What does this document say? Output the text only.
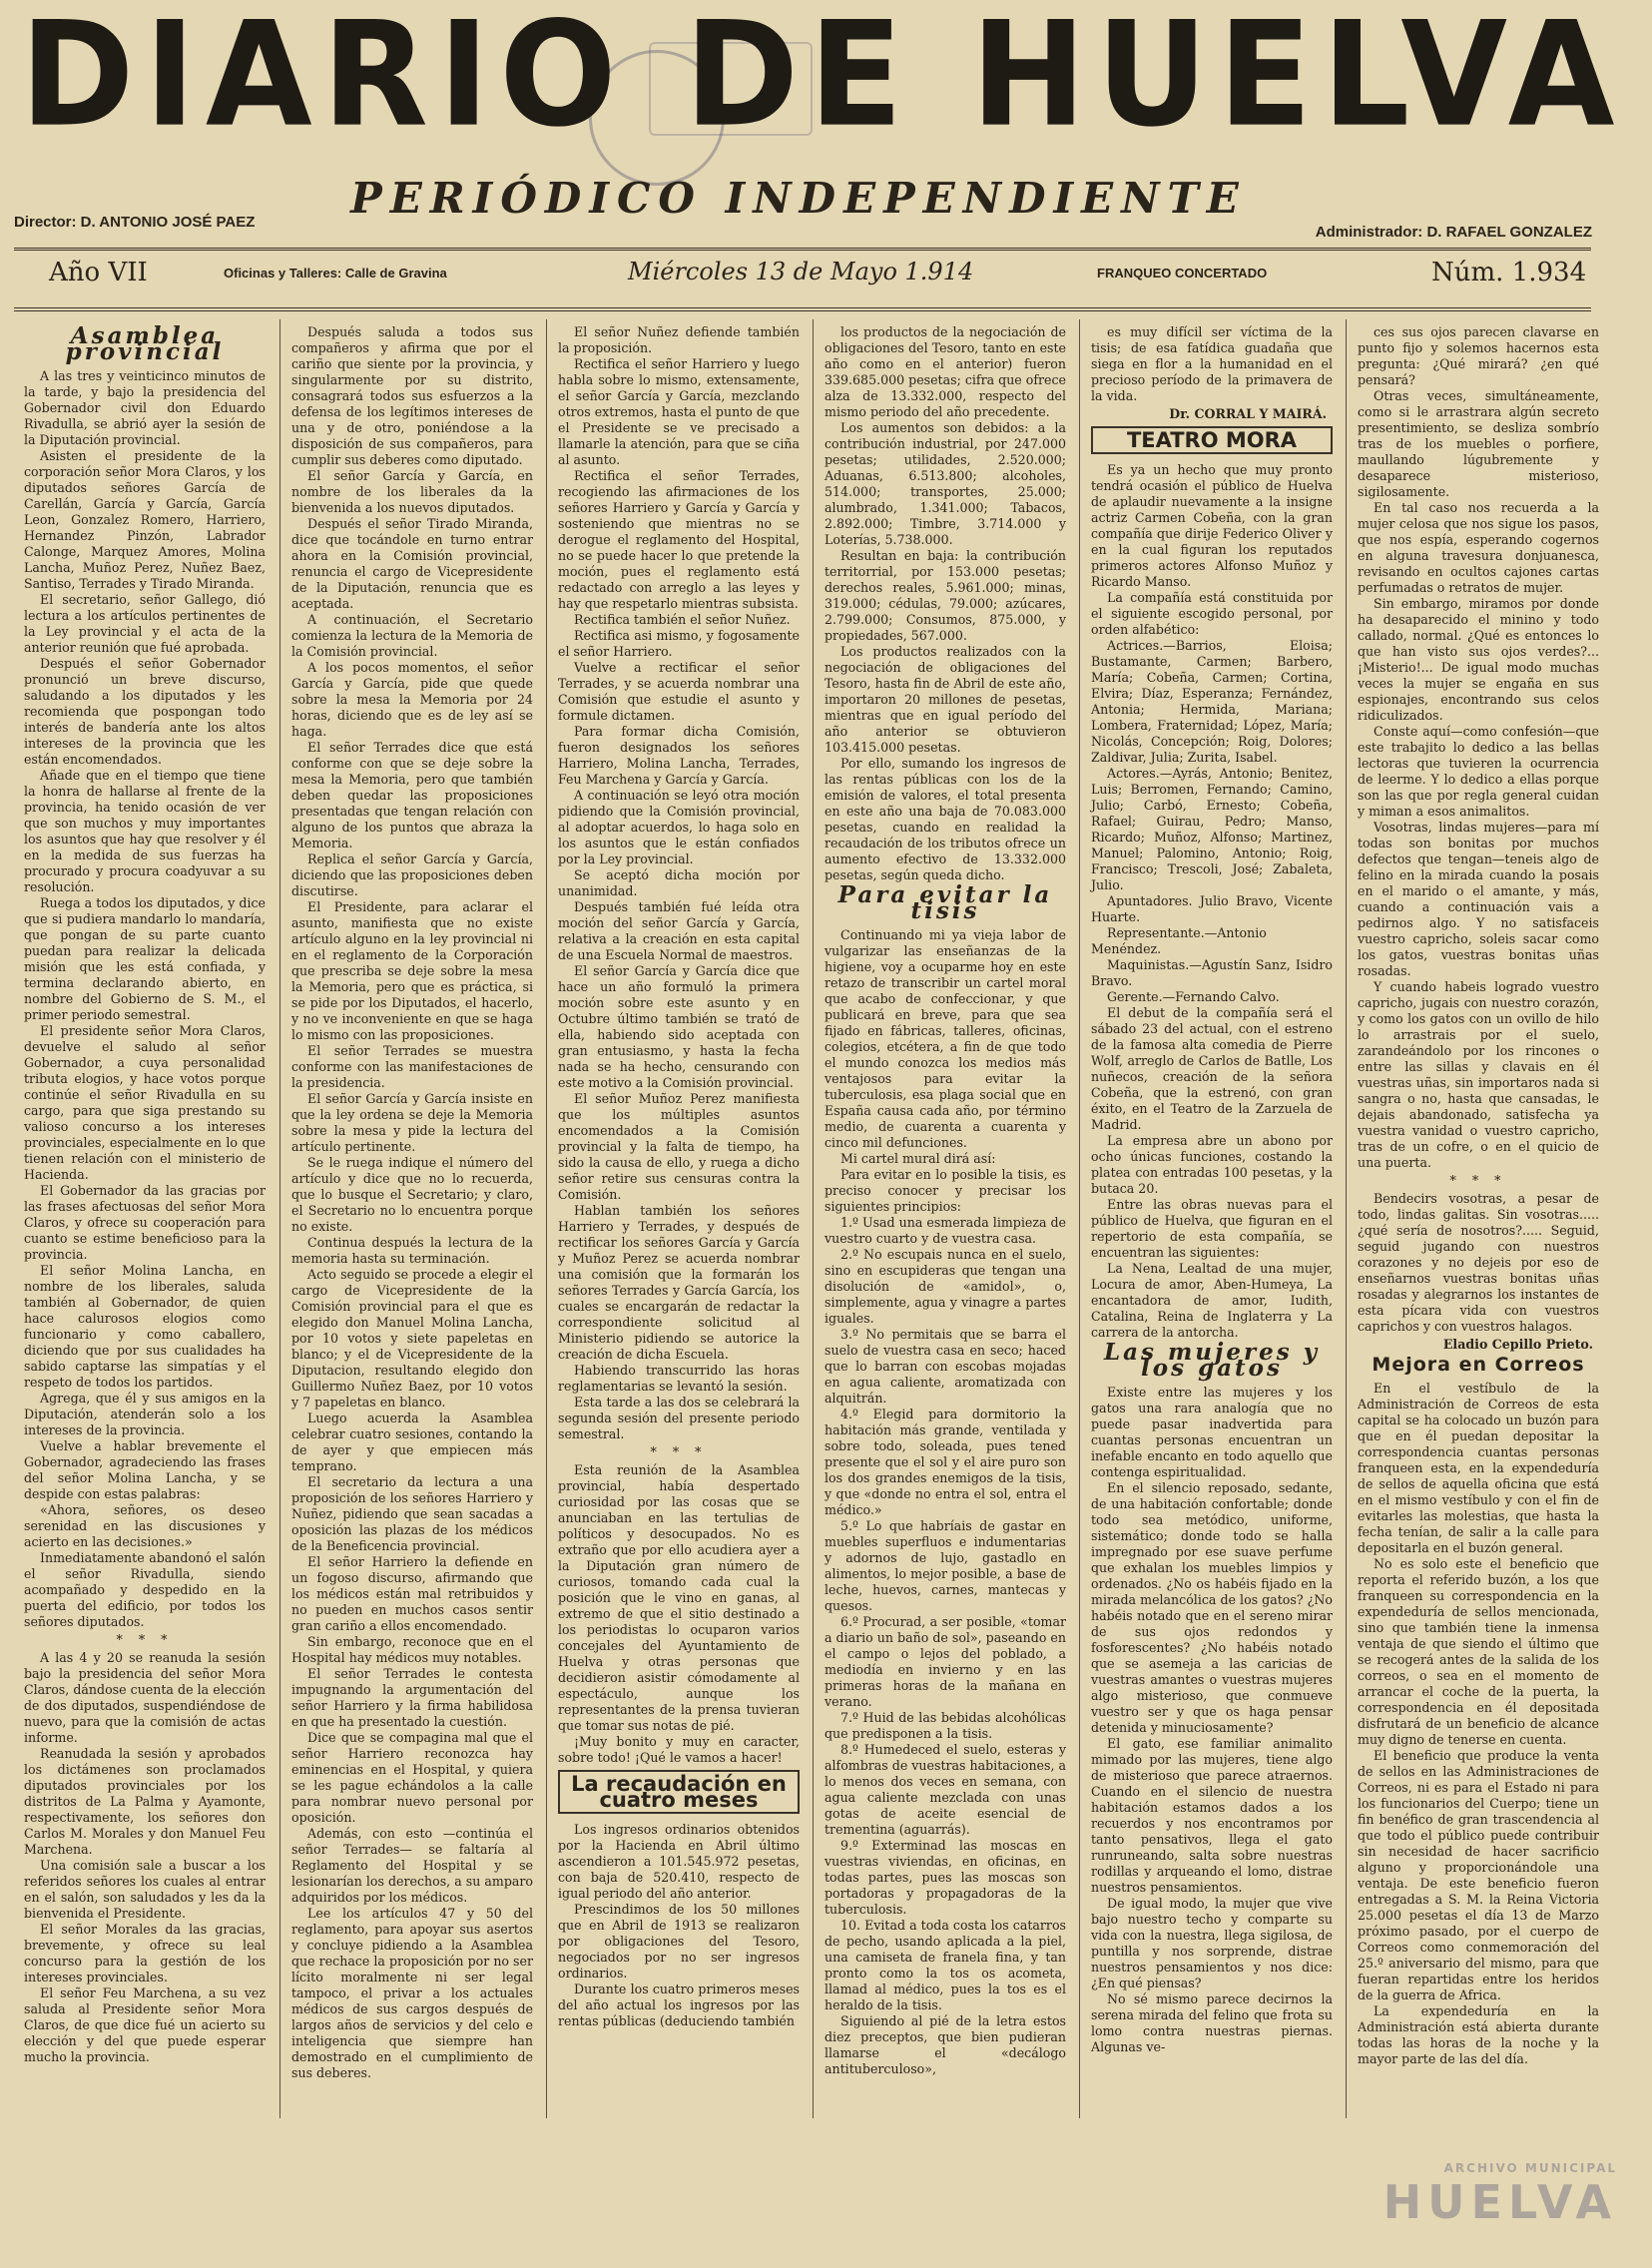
DIARIO DE HUELVA
PERIÓDICO INDEPENDIENTE
Director: D. ANTONIO JOSÉ PAEZ
Administrador: D. RAFAEL GONZALEZ
Año VII	Oficinas y Talleres: Calle de Gravina	Miércoles 13 de Mayo 1.914	FRANQUEO CONCERTADO	Núm. 1.934
Asamblea provincial

A las tres y veinticinco minutos de la tarde, y bajo la presidencia del Gobernador civil don Eduardo Rivadulla, se abrió ayer la sesión de la Diputación provincial.

Asisten el presidente de la corporación señor Mora Claros, y los diputados señores García de Carellán, García y García, García Leon, Gonzalez Romero, Harriero, Hernandez Pinzón, Labrador Calonge, Marquez Amores, Molina Lancha, Muñoz Perez, Nuñez Baez, Santiso, Terrades y Tirado Miranda.

El secretario, señor Gallego, dió lectura a los artículos pertinentes de la Ley provincial y el acta de la anterior reunión que fué aprobada.

Después el señor Gobernador pronunció un breve discurso, saludando a los diputados y les recomienda que pospongan todo interés de bandería ante los altos intereses de la provincia que les están encomendados.

Añade que en el tiempo que tiene la honra de hallarse al frente de la provincia, ha tenido ocasión de ver que son muchos y muy importantes los asuntos que hay que resolver y él en la medida de sus fuerzas ha procurado y procura coadyuvar a su resolución.

Ruega a todos los diputados, y dice que si pudiera mandarlo lo mandaría, que pongan de su parte cuanto puedan para realizar la delicada misión que les está confiada, y termina declarando abierto, en nombre del Gobierno de S. M., el primer periodo semestral.

El presidente señor Mora Claros, devuelve el saludo al señor Gobernador, a cuya personalidad tributa elogios, y hace votos porque continúe el señor Rivadulla en su cargo, para que siga prestando su valioso concurso a los intereses provinciales, especialmente en lo que tienen relación con el ministerio de Hacienda.

El Gobernador da las gracias por las frases afectuosas del señor Mora Claros, y ofrece su cooperación para cuanto se estime beneficioso para la provincia.

El señor Molina Lancha, en nombre de los liberales, saluda también al Gobernador, de quien hace calurosos elogios como funcionario y como caballero, diciendo que por sus cualidades ha sabido captarse las simpatías y el respeto de todos los partidos.

Agrega, que él y sus amigos en la Diputación, atenderán solo a los intereses de la provincia.

Vuelve a hablar brevemente el Gobernador, agradeciendo las frases del señor Molina Lancha, y se despide con estas palabras:

«Ahora, señores, os deseo serenidad en las discusiones y acierto en las decisiones.»

Inmediatamente abandonó el salón el señor Rivadulla, siendo acompañado y despedido en la puerta del edificio, por todos los señores diputados.

* * *

A las 4 y 20 se reanuda la sesión bajo la presidencia del señor Mora Claros, dándose cuenta de la elección de dos diputados, suspendiéndose de nuevo, para que la comisión de actas informe.

Reanudada la sesión y aprobados los dictámenes son proclamados diputados provinciales por los distritos de La Palma y Ayamonte, respectivamente, los señores don Carlos M. Morales y don Manuel Feu Marchena.

Una comisión sale a buscar a los referidos señores los cuales al entrar en el salón, son saludados y les da la bienvenida el Presidente.

El señor Morales da las gracias, brevemente, y ofrece su leal concurso para la gestión de los intereses provinciales.

El señor Feu Marchena, a su vez saluda al Presidente señor Mora Claros, de que dice fué un acierto su elección y del que puede esperar mucho la provincia.

Después saluda a todos sus compañeros y afirma que por el cariño que siente por la provincia, y singularmente por su distrito, consagrará todos sus esfuerzos a la defensa de los legítimos intereses de una y de otro, poniéndose a la disposición de sus compañeros, para cumplir sus deberes como diputado.

El señor García y García, en nombre de los liberales da la bienvenida a los nuevos diputados.

Después el señor Tirado Miranda, dice que tocándole en turno entrar ahora en la Comisión provincial, renuncia el cargo de Vicepresidente de la Diputación, renuncia que es aceptada.

A continuación, el Secretario comienza la lectura de la Memoria de la Comisión provincial.

A los pocos momentos, el señor García y García, pide que quede sobre la mesa la Memoria por 24 horas, diciendo que es de ley así se haga.

El señor Terrades dice que está conforme con que se deje sobre la mesa la Memoria, pero que también deben quedar las proposiciones presentadas que tengan relación con alguno de los puntos que abraza la Memoria.

Replica el señor García y García, diciendo que las proposiciones deben discutirse.

El Presidente, para aclarar el asunto, manifiesta que no existe artículo alguno en la ley provincial ni en el reglamento de la Corporación que prescriba se deje sobre la mesa la Memoria, pero que es práctica, si se pide por los Diputados, el hacerlo, y no ve inconveniente en que se haga lo mismo con las proposiciones.

El señor Terrades se muestra conforme con las manifestaciones de la presidencia.

El señor García y García insiste en que la ley ordena se deje la Memoria sobre la mesa y pide la lectura del artículo pertinente.

Se le ruega indique el número del artículo y dice que no lo recuerda, que lo busque el Secretario; y claro, el Secretario no lo encuentra porque no existe.

Continua después la lectura de la memoria hasta su terminación.

Acto seguido se procede a elegir el cargo de Vicepresidente de la Comisión provincial para el que es elegido don Manuel Molina Lancha, por 10 votos y siete papeletas en blanco; y el de Vicepresidente de la Diputacion, resultando elegido don Guillermo Nuñez Baez, por 10 votos y 7 papeletas en blanco.

Luego acuerda la Asamblea celebrar cuatro sesiones, contando la de ayer y que empiecen más temprano.

El secretario da lectura a una proposición de los señores Harriero y Nuñez, pidiendo que sean sacadas a oposición las plazas de los médicos de la Beneficencia provincial.

El señor Harriero la defiende en un fogoso discurso, afirmando que los médicos están mal retribuidos y no pueden en muchos casos sentir gran cariño a ellos encomendado.

Sin embargo, reconoce que en el Hospital hay médicos muy notables.

El señor Terrades le contesta impugnando la argumentación del señor Harriero y la firma habilidosa en que ha presentado la cuestión.

Dice que se compagina mal que el señor Harriero reconozca hay eminencias en el Hospital, y quiera se les pague echándolos a la calle para nombrar nuevo personal por oposición.

Además, con esto —continúa el señor Terrades— se faltaría al Reglamento del Hospital y se lesionarían los derechos, a su amparo adquiridos por los médicos.

Lee los artículos 47 y 50 del reglamento, para apoyar sus asertos y concluye pidiendo a la Asamblea que rechace la proposición por no ser lícito moralmente ni ser legal tampoco, el privar a los actuales médicos de sus cargos después de largos años de servicios y del celo e inteligencia que siempre han demostrado en el cumplimiento de sus deberes.

El señor Nuñez defiende también la proposición.

Rectifica el señor Harriero y luego habla sobre lo mismo, extensamente, el señor García y García, mezclando otros extremos, hasta el punto de que el Presidente se ve precisado a llamarle la atención, para que se ciña al asunto.

Rectifica el señor Terrades, recogiendo las afirmaciones de los señores Harriero y García y García y sosteniendo que mientras no se derogue el reglamento del Hospital, no se puede hacer lo que pretende la moción, pues el reglamento está redactado con arreglo a las leyes y hay que respetarlo mientras subsista.

Rectifica también el señor Nuñez.

Rectifica asi mismo, y fogosamente el señor Harriero.

Vuelve a rectificar el señor Terrades, y se acuerda nombrar una Comisión que estudie el asunto y formule dictamen.

Para formar dicha Comisión, fueron designados los señores Harriero, Molina Lancha, Terrades, Feu Marchena y García y García.

A continuación se leyó otra moción pidiendo que la Comisión provincial, al adoptar acuerdos, lo haga solo en los asuntos que le están confiados por la Ley provincial.

Se aceptó dicha moción por unanimidad.

Después también fué leída otra moción del señor García y García, relativa a la creación en esta capital de una Escuela Normal de maestros.

El señor García y García dice que hace un año formuló la primera moción sobre este asunto y en Octubre último también se trató de ella, habiendo sido aceptada con gran entusiasmo, y hasta la fecha nada se ha hecho, censurando con este motivo a la Comisión provincial.

El señor Muñoz Perez manifiesta que los múltiples asuntos encomendados a la Comisión provincial y la falta de tiempo, ha sido la causa de ello, y ruega a dicho señor retire sus censuras contra la Comisión.

Hablan también los señores Harriero y Terrades, y después de rectificar los señores García y García y Muñoz Perez se acuerda nombrar una comisión que la formarán los señores Terrades y García García, los cuales se encargarán de redactar la correspondiente solicitud al Ministerio pidiendo se autorice la creación de dicha Escuela.

Habiendo transcurrido las horas reglamentarias se levantó la sesión.

Esta tarde a las dos se celebrará la segunda sesión del presente periodo semestral.

* * *

Esta reunión de la Asamblea provincial, había despertado curiosidad por las cosas que se anunciaban en las tertulias de políticos y desocupados. No es extraño que por ello acudiera ayer a la Diputación gran número de curiosos, tomando cada cual la posición que le vino en ganas, al extremo de que el sitio destinado a los periodistas lo ocuparon varios concejales del Ayuntamiento de Huelva y otras personas que decidieron asistir cómodamente al espectáculo, aunque los representantes de la prensa tuvieran que tomar sus notas de pié.

¡Muy bonito y muy en caracter, sobre todo! ¡Qué le vamos a hacer!

La recaudación en cuatro meses

Los ingresos ordinarios obtenidos por la Hacienda en Abril último ascendieron a 101.545.972 pesetas, con baja de 520.410, respecto de igual periodo del año anterior.

Prescindimos de los 50 millones que en Abril de 1913 se realizaron por obligaciones del Tesoro, negociados por no ser ingresos ordinarios.

Durante los cuatro primeros meses del año actual los ingresos por las rentas públicas (deduciendo también

los productos de la negociación de obligaciones del Tesoro, tanto en este año como en el anterior) fueron 339.685.000 pesetas; cifra que ofrece alza de 13.332.000, respecto del mismo periodo del año precedente.

Los aumentos son debidos: a la contribución industrial, por 247.000 pesetas; utilidades, 2.520.000; Aduanas, 6.513.800; alcoholes, 514.000; transportes, 25.000; alumbrado, 1.341.000; Tabacos, 2.892.000; Timbre, 3.714.000 y Loterías, 5.738.000.

Resultan en baja: la contribución territorrial, por 153.000 pesetas; derechos reales, 5.961.000; minas, 319.000; cédulas, 79.000; azúcares, 2.799.000; Consumos, 875.000, y propiedades, 567.000.

Los productos realizados con la negociación de obligaciones del Tesoro, hasta fin de Abril de este año, importaron 20 millones de pesetas, mientras que en igual período del año anterior se obtuvieron 103.415.000 pesetas.

Por ello, sumando los ingresos de las rentas públicas con los de la emisión de valores, el total presenta en este año una baja de 70.083.000 pesetas, cuando en realidad la recaudación de los tributos ofrece un aumento efectivo de 13.332.000 pesetas, según queda dicho.

Para evitar la tisis

Continuando mi ya vieja labor de vulgarizar las enseñanzas de la higiene, voy a ocuparme hoy en este retazo de transcribir un cartel moral que acabo de confeccionar, y que publicará en breve, para que sea fijado en fábricas, talleres, oficinas, colegios, etcétera, a fin de que todo el mundo conozca los medios más ventajosos para evitar la tuberculosis, esa plaga social que en España causa cada año, por término medio, de cuarenta a cuarenta y cinco mil defunciones.

Mi cartel mural dirá así:

Para evitar en lo posible la tisis, es preciso conocer y precisar los siguientes principios:

1.º Usad una esmerada limpieza de vuestro cuarto y de vuestra casa.

2.º No escupais nunca en el suelo, sino en escupideras que tengan una disolución de «amidol», o, simplemente, agua y vinagre a partes iguales.

3.º No permitais que se barra el suelo de vuestra casa en seco; haced que lo barran con escobas mojadas en agua caliente, aromatizada con alquitrán.

4.º Elegid para dormitorio la habitación más grande, ventilada y sobre todo, soleada, pues tened presente que el sol y el aire puro son los dos grandes enemigos de la tisis, y que «donde no entra el sol, entra el médico.»

5.º Lo que habríais de gastar en muebles superfluos e indumentarias y adornos de lujo, gastadlo en alimentos, lo mejor posible, a base de leche, huevos, carnes, mantecas y quesos.

6.º Procurad, a ser posible, «tomar a diario un baño de sol», paseando en el campo o lejos del poblado, a mediodía en invierno y en las primeras horas de la mañana en verano.

7.º Huid de las bebidas alcohólicas que predisponen a la tisis.

8.º Humedeced el suelo, esteras y alfombras de vuestras habitaciones, a lo menos dos veces en semana, con agua caliente mezclada con unas gotas de aceite esencial de trementina (aguarrás).

9.º Exterminad las moscas en vuestras viviendas, en oficinas, en todas partes, pues las moscas son portadoras y propagadoras de la tuberculosis.

10. Evitad a toda costa los catarros de pecho, usando aplicada a la piel, una camiseta de franela fina, y tan pronto como la tos os acometa, llamad al médico, pues la tos es el heraldo de la tisis.

Siguiendo al pié de la letra estos diez preceptos, que bien pudieran llamarse el «decálogo antituberculoso»,

es muy difícil ser víctima de la tisis; de esa fatídica guadaña que siega en flor a la humanidad en el precioso período de la primavera de la vida.

Dr. CORRAL Y MAIRÁ.

TEATRO MORA

Es ya un hecho que muy pronto tendrá ocasión el público de Huelva de aplaudir nuevamente a la insigne actriz Carmen Cobeña, con la gran compañía que dirije Federico Oliver y en la cual figuran los reputados primeros actores Alfonso Muñoz y Ricardo Manso.

La compañía está constituida por el siguiente escogido personal, por orden alfabético:

Actrices.—Barrios, Eloisa; Bustamante, Carmen; Barbero, María; Cobeña, Carmen; Cortina, Elvira; Díaz, Esperanza; Fernández, Antonia; Hermida, Mariana; Lombera, Fraternidad; López, María; Nicolás, Concepción; Roig, Dolores; Zaldivar, Julia; Zurita, Isabel.

Actores.—Ayrás, Antonio; Benitez, Luis; Berromen, Fernando; Camino, Julio; Carbó, Ernesto; Cobeña, Rafael; Guirau, Pedro; Manso, Ricardo; Muñoz, Alfonso; Martinez, Manuel; Palomino, Antonio; Roig, Francisco; Trescoli, José; Zabaleta, Julio.

Apuntadores. Julio Bravo, Vicente Huarte.

Representante.—Antonio Menéndez.

Maquinistas.—Agustín Sanz, Isidro Bravo.

Gerente.—Fernando Calvo.

El debut de la compañía será el sábado 23 del actual, con el estreno de la famosa alta comedia de Pierre Wolf, arreglo de Carlos de Batlle, Los nuñecos, creación de la señora Cobeña, que la estrenó, con gran éxito, en el Teatro de la Zarzuela de Madrid.

La empresa abre un abono por ocho únicas funciones, costando la platea con entradas 100 pesetas, y la butaca 20.

Entre las obras nuevas para el público de Huelva, que figuran en el repertorio de esta compañía, se encuentran las siguientes:

La Nena, Lealtad de una mujer, Locura de amor, Aben-Humeya, La encantadora de amor, Iudith, Catalina, Reina de Inglaterra y La carrera de la antorcha.

Las mujeres y los gatos

Existe entre las mujeres y los gatos una rara analogía que no puede pasar inadvertida para cuantas personas encuentran un inefable encanto en todo aquello que contenga espiritualidad.

En el silencio reposado, sedante, de una habitación confortable; donde todo sea metódico, uniforme, sistemático; donde todo se halla impregnado por ese suave perfume que exhalan los muebles limpios y ordenados. ¿No os habéis fijado en la mirada melancólica de los gatos? ¿No habéis notado que en el sereno mirar de sus ojos redondos y fosforescentes? ¿No habéis notado que se asemeja a las caricias de vuestras amantes o vuestras mujeres algo misterioso, que conmueve vuestro ser y que os haga pensar detenida y minuciosamente?

El gato, ese familiar animalito mimado por las mujeres, tiene algo de misterioso que parece atraernos. Cuando en el silencio de nuestra habitación estamos dados a los recuerdos y nos encontramos por tanto pensativos, llega el gato runruneando, salta sobre nuestras rodillas y arqueando el lomo, distrae nuestros pensamientos.

De igual modo, la mujer que vive bajo nuestro techo y comparte su vida con la nuestra, llega sigilosa, de puntilla y nos sorprende, distrae nuestros pensamientos y nos dice: ¿En qué piensas?

No sé mismo parece decirnos la serena mirada del felino que frota su lomo contra nuestras piernas. Algunas ve-

ces sus ojos parecen clavarse en punto fijo y solemos hacernos esta pregunta: ¿Qué mirará? ¿en qué pensará?

Otras veces, simultáneamente, como si le arrastrara algún secreto presentimiento, se desliza sombrío tras de los muebles o porfiere, maullando lúgubremente y desaparece misterioso, sigilosamente.

En tal caso nos recuerda a la mujer celosa que nos sigue los pasos, que nos espía, esperando cogernos en alguna travesura donjuanesca, revisando en ocultos cajones cartas perfumadas o retratos de mujer.

Sin embargo, miramos por donde ha desaparecido el minino y todo callado, normal. ¿Qué es entonces lo que han visto sus ojos verdes?... ¡Misterio!... De igual modo muchas veces la mujer se engaña en sus espionajes, encontrando sus celos ridiculizados.

Conste aquí—como confesión—que este trabajito lo dedico a las bellas lectoras que tuvieren la ocurrencia de leerme. Y lo dedico a ellas porque son las que por regla general cuidan y miman a esos animalitos.

Vosotras, lindas mujeres—para mí todas son bonitas por muchos defectos que tengan—teneis algo de felino en la mirada cuando la posais en el marido o el amante, y más, cuando a continuación vais a pedirnos algo. Y no satisfaceis vuestro capricho, soleis sacar como los gatos, vuestras bonitas uñas rosadas.

Y cuando habeis logrado vuestro capricho, jugais con nuestro corazón, y como los gatos con un ovillo de hilo lo arrastrais por el suelo, zarandeándolo por los rincones o entre las sillas y clavais en él vuestras uñas, sin importaros nada si sangra o no, hasta que cansadas, le dejais abandonado, satisfecha ya vuestra vanidad o vuestro capricho, tras de un cofre, o en el quicio de una puerta.

* * *

Bendecirs vosotras, a pesar de todo, lindas galitas. Sin vosotras..... ¿qué sería de nosotros?..... Seguid, seguid jugando con nuestros corazones y no dejeis por eso de enseñarnos vuestras bonitas uñas rosadas y alegrarnos los instantes de esta pícara vida con vuestros caprichos y con vuestros halagos.

Eladio Cepillo Prieto.

Mejora en Correos

En el vestíbulo de la Administración de Correos de esta capital se ha colocado un buzón para que en él puedan depositar la correspondencia cuantas personas franqueen esta, en la expendeduría de sellos de aquella oficina que está en el mismo vestíbulo y con el fin de evitarles las molestias, que hasta la fecha tenían, de salir a la calle para depositarla en el buzón general.

No es solo este el beneficio que reporta el referido buzón, a los que franqueen su correspondencia en la expendeduría de sellos mencionada, sino que también tiene la inmensa ventaja de que siendo el último que se recogerá antes de la salida de los correos, o sea en el momento de arrancar el coche de la puerta, la correspondencia en él depositada disfrutará de un beneficio de alcance muy digno de tenerse en cuenta.

El beneficio que produce la venta de sellos en las Administraciones de Correos, ni es para el Estado ni para los funcionarios del Cuerpo; tiene un fin benéfico de gran trascendencia al que todo el público puede contribuir sin necesidad de hacer sacrificio alguno y proporcionándole una ventaja. De este beneficio fueron entregadas a S. M. la Reina Victoria 25.000 pesetas el día 13 de Marzo próximo pasado, por el cuerpo de Correos como conmemoración del 25.º aniversario del mismo, para que fueran repartidas entre los heridos de la guerra de Africa.

La expendeduría en la Administración está abierta durante todas las horas de la noche y la mayor parte de las del día.

ARCHIVO MUNICIPAL
HUELVA
